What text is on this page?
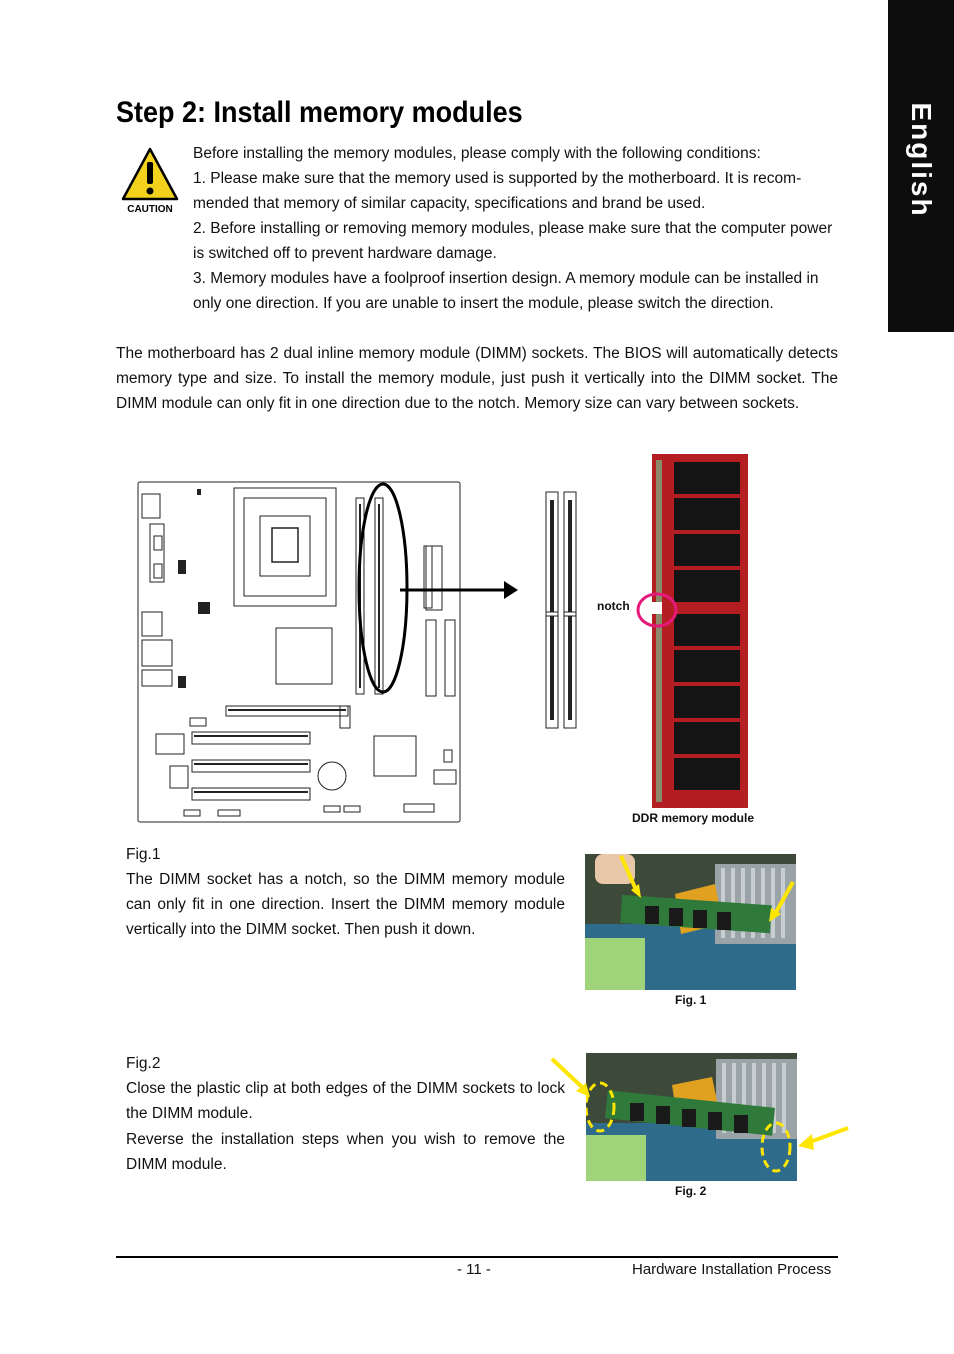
English
Step 2: Install memory modules
CAUTION

Before installing the memory modules, please comply with the following conditions:

1. Please make sure that the memory used is supported by the motherboard. It is recom- mended that memory of similar capacity, specifications and brand be used.

2. Before installing or removing memory modules, please make sure that the computer power is switched off to prevent hardware damage.

3. Memory modules have a foolproof insertion design. A memory module can be installed in only one direction. If you are unable to insert the module, please switch the direction.

The motherboard has 2 dual inline memory module (DIMM) sockets. The BIOS will automatically detects memory type and size. To install the memory module, just push it vertically into the DIMM socket. The DIMM module can only fit in one direction due to the notch. Memory size can vary between sockets.

notch
DDR memory module

Fig.1

The DIMM socket has a notch, so the DIMM memory module can only fit in one direction. Insert the DIMM memory module vertically into the DIMM socket. Then push it down.

Fig. 1

Fig.2

Close the plastic clip at both edges of the DIMM sockets to lock the DIMM module.

Reverse the installation steps when you wish to remove the DIMM module.

Fig. 2
- 11 -	Hardware Installation Process
